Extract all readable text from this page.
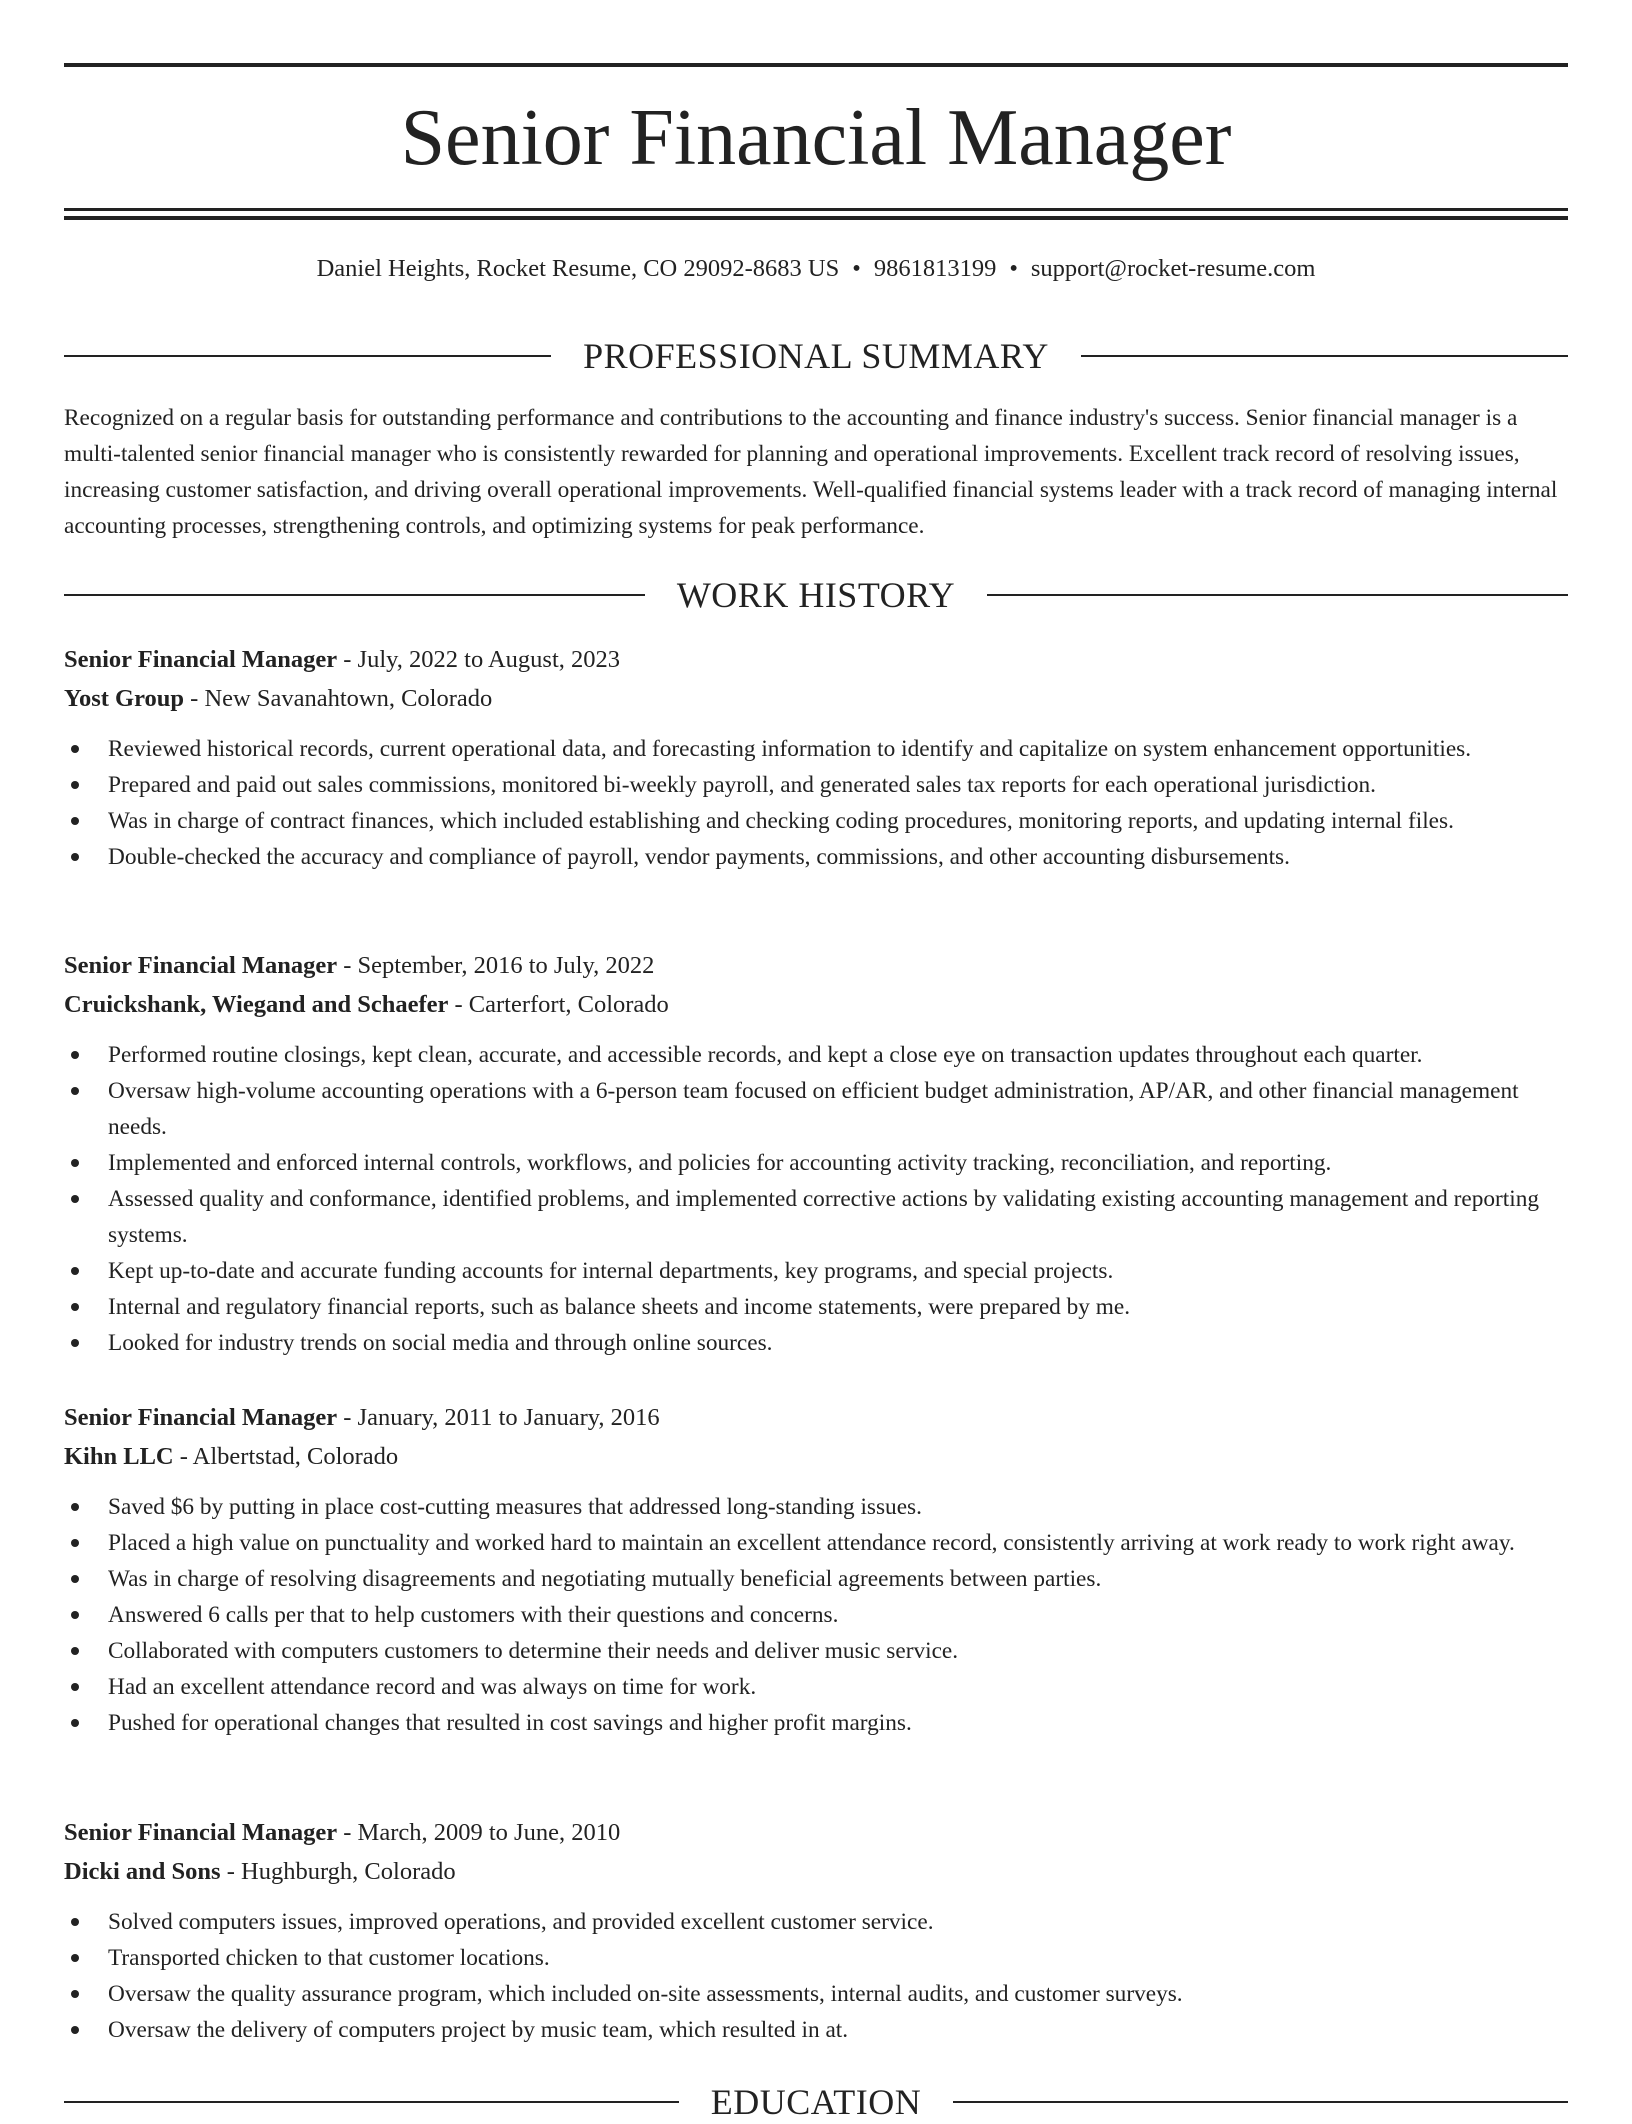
Senior Financial Manager
Daniel Heights, Rocket Resume, CO 29092-8683 US • 9861813199 • support@rocket-resume.com
PROFESSIONAL SUMMARY

Recognized on a regular basis for outstanding performance and contributions to the accounting and finance industry's success. Senior financial manager is a multi-talented senior financial manager who is consistently rewarded for planning and operational improvements. Excellent track record of resolving issues, increasing customer satisfaction, and driving overall operational improvements. Well-qualified financial systems leader with a track record of managing internal accounting processes, strengthening controls, and optimizing systems for peak performance.

WORK HISTORY
Senior Financial Manager - July, 2022 to August, 2023
Yost Group - New Savanahtown, Colorado
Reviewed historical records, current operational data, and forecasting information to identify and capitalize on system enhancement opportunities.
Prepared and paid out sales commissions, monitored bi-weekly payroll, and generated sales tax reports for each operational jurisdiction.
Was in charge of contract finances, which included establishing and checking coding procedures, monitoring reports, and updating internal files.
Double-checked the accuracy and compliance of payroll, vendor payments, commissions, and other accounting disbursements.
Senior Financial Manager - September, 2016 to July, 2022
Cruickshank, Wiegand and Schaefer - Carterfort, Colorado
Performed routine closings, kept clean, accurate, and accessible records, and kept a close eye on transaction updates throughout each quarter.
Oversaw high-volume accounting operations with a 6-person team focused on efficient budget administration, AP/AR, and other financial management needs.
Implemented and enforced internal controls, workflows, and policies for accounting activity tracking, reconciliation, and reporting.
Assessed quality and conformance, identified problems, and implemented corrective actions by validating existing accounting management and reporting systems.
Kept up-to-date and accurate funding accounts for internal departments, key programs, and special projects.
Internal and regulatory financial reports, such as balance sheets and income statements, were prepared by me.
Looked for industry trends on social media and through online sources.
Senior Financial Manager - January, 2011 to January, 2016
Kihn LLC - Albertstad, Colorado
Saved $6 by putting in place cost-cutting measures that addressed long-standing issues.
Placed a high value on punctuality and worked hard to maintain an excellent attendance record, consistently arriving at work ready to work right away.
Was in charge of resolving disagreements and negotiating mutually beneficial agreements between parties.
Answered 6 calls per that to help customers with their questions and concerns.
Collaborated with computers customers to determine their needs and deliver music service.
Had an excellent attendance record and was always on time for work.
Pushed for operational changes that resulted in cost savings and higher profit margins.
Senior Financial Manager - March, 2009 to June, 2010
Dicki and Sons - Hughburgh, Colorado
Solved computers issues, improved operations, and provided excellent customer service.
Transported chicken to that customer locations.
Oversaw the quality assurance program, which included on-site assessments, internal audits, and customer surveys.
Oversaw the delivery of computers project by music team, which resulted in at.
EDUCATION
